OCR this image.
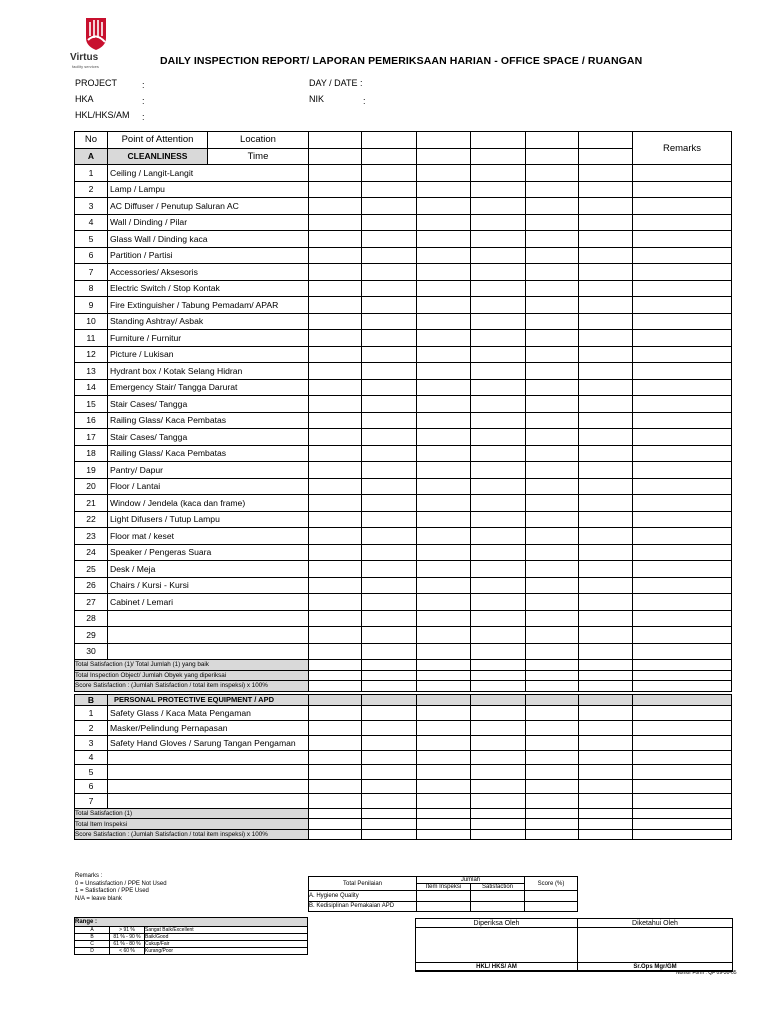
Virtus
facility services	DAILY INSPECTION REPORT/ LAPORAN PEMERIKSAAN HARIAN - OFFICE SPACE / RUANGAN
PROJECT	:
HKA	:
HKL/HKS/AM :
DAY / DATE :
NIK	:
No	Point of Attention	Location							Remarks
A	CLEANLINESS	Time							
1	Ceiling / Langit-Langit								
2	Lamp / Lampu								
3	AC Diffuser / Penutup Saluran AC								
4	Wall / Dinding / Pilar								
5	Glass Wall / Dinding kaca								
6	Partition / Partisi								
7	Accessories/ Aksesoris								
8	Electric Switch / Stop Kontak								
9	Fire Extinguisher / Tabung Pemadam/ APAR								
10	Standing Ashtray/ Asbak								
11	Furniture / Furnitur								
12	Picture / Lukisan								
13	Hydrant box / Kotak Selang Hidran								
14	Emergency Stair/ Tangga Darurat								
15	Stair Cases/ Tangga								
16	Railing Glass/ Kaca Pembatas								
17	Stair Cases/ Tangga								
18	Railing Glass/ Kaca Pembatas								
19	Pantry/ Dapur								
20	Floor / Lantai								
21	Window / Jendela (kaca dan frame)								
22	Light Difusers / Tutup Lampu								
23	Floor mat / keset								
24	Speaker / Pengeras Suara								
25	Desk / Meja								
26	Chairs / Kursi - Kursi								
27	Cabinet / Lemari								
28									
29									
30									
Total Satisfaction (1)/ Total Jumlah (1) yang baik									
Total Inspection Object/ Jumlah Obyek yang diperiksai									
Score Satisfaction : (Jumlah Satisfaction / total item inspeksi) x 100%									

B	PERSONAL PROTECTIVE EQUIPMENT / APD								
1	Safety Glass / Kaca Mata Pengaman								
2	Masker/Pelindung Pernapasan								
3	Safety Hand Gloves / Sarung Tangan Pengaman								
4									
5									
6									
7									
Total Satisfaction (1)									
Total Item Inspeksi									
Score Satisfaction : (Jumlah Satisfaction / total item inspeksi) x 100%									
Remarks :
0 = Unsatisfaction / PPE Not Used
1 = Satisfaction / PPE Used
N/A = leave blank
Total Penilaian	Jumlah		Score (%)
	Item Inspeksi	Satisfaction	
A. Hygiene Quality			
B. Kedisiplinan Pemakaian APD			
Range :		
A	> 91 %	Sangat Baik/Excellent
B	81 % - 90 %	Baik/Good
C	61 % - 80 %	Cukup/Fair
D	< 60 %	Kurang/Poor
Diperiksa Oleh	Diketahui Oleh

HKL/ HKS/ AM	Sr.Ops Mgr/GM
Nomor Form : QF 09-30-05
